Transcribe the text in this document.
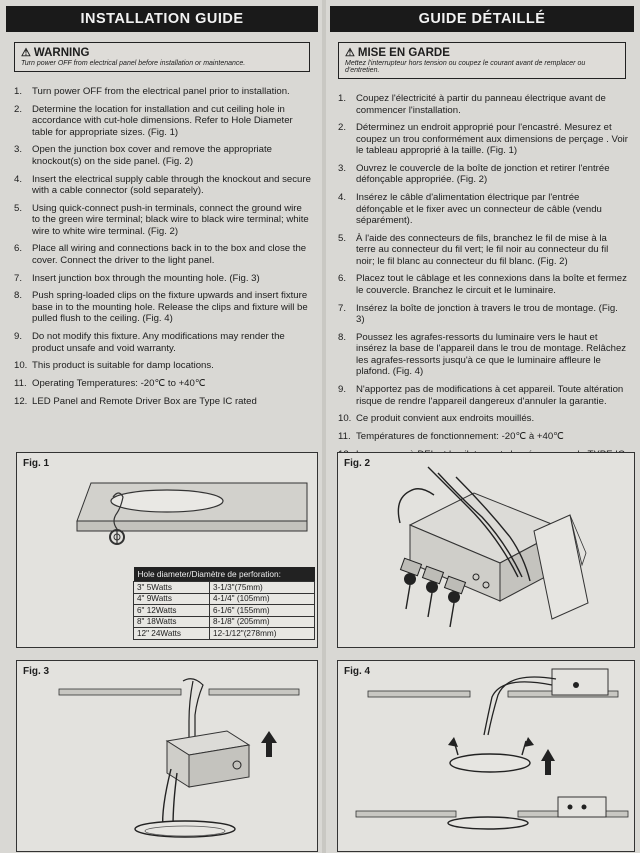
INSTALLATION GUIDE
⚠ WARNING
Turn power OFF from electrical panel before installation or maintenance.
1.	Turn power OFF from the electrical panel prior to installation.
2.	Determine the location for installation and cut ceiling hole in accordance with cut-hole dimensions. Refer to Hole Diameter table for appropriate sizes. (Fig. 1)
3.	Open the junction box cover and remove the appropriate knockout(s) on the side panel. (Fig. 2)
4.	Insert the electrical supply cable through the knockout and secure with a cable connector (sold separately).
5.	Using quick-connect push-in terminals, connect the ground wire to the green wire terminal; black wire to black wire terminal; white wire to white wire terminal. (Fig. 2)
6.	Place all wiring and connections back in to the box and close the cover. Connect the driver to the light panel.
7.	Insert junction box through the mounting hole. (Fig. 3)
8.	Push spring-loaded clips on the fixture upwards and insert fixture base in to the mounting hole. Release the clips and fixture will be pulled flush to the ceiling. (Fig. 4)
9.	Do not modify this fixture. Any modifications may render the product unsafe and void warranty.
10. This product is suitable for damp locations.
11. Operating Temperatures: -20℃ to +40℃
12. LED Panel and Remote Driver Box are Type IC rated
GUIDE DÉTAILLÉ
⚠ MISE EN GARDE
Mettez l'interrupteur hors tension ou coupez le courant avant de remplacer ou d'entretien.
1.	Coupez l'électricité à partir du panneau électrique avant de commencer l'installation.
2.	Déterminez un endroit approprié pour l'encastré. Mesurez et coupez un trou conformément aux dimensions de perçage . Voir le tableau approprié à la taille. (Fig. 1)
3.	Ouvrez le couvercle de la boîte de jonction et retirer l'entrée défonçable appropriée. (Fig. 2)
4.	Insérez le câble d'alimentation électrique par l'entrée défonçable et le fixer avec un connecteur de câble (vendu séparément).
5.	À l'aide des connecteurs de fils, branchez le fil de mise à la terre au connecteur du fil vert; le fil noir au connecteur du fil noir; le fil blanc au connecteur du fil blanc. (Fig. 2)
6.	Placez tout le câblage et les connexions dans la boîte et fermez le couvercle. Branchez le circuit et le luminaire.
7.	Insérez la boîte de jonction à travers le trou de montage. (Fig. 3)
8.	Poussez les agrafes-ressorts du luminaire vers le haut et insérez la base de l'appareil dans le trou de montage. Relâchez les agrafes-ressorts jusqu'à ce que le luminaire affleure le plafond. (Fig. 4)
9.	N'apportez pas de modifications à cet appareil. Toute altération risque de rendre l'appareil dangereux d'annuler la garantie.
10. Ce produit convient aux endroits mouillés.
11. Températures de fonctionnement: -20℃ à +40℃
Fig. 1
Hole diameter/Diamètre de perforation:	
3" 5Watts	3-1/3"(75mm)
4" 9Watts	4-1/4" (105mm)
6" 12Watts	6-1/6" (155mm)
8" 18Watts	8-1/8" (205mm)
12" 24Watts	12-1/12"(278mm)
Fig. 2
Fig. 3	Fig. 4
